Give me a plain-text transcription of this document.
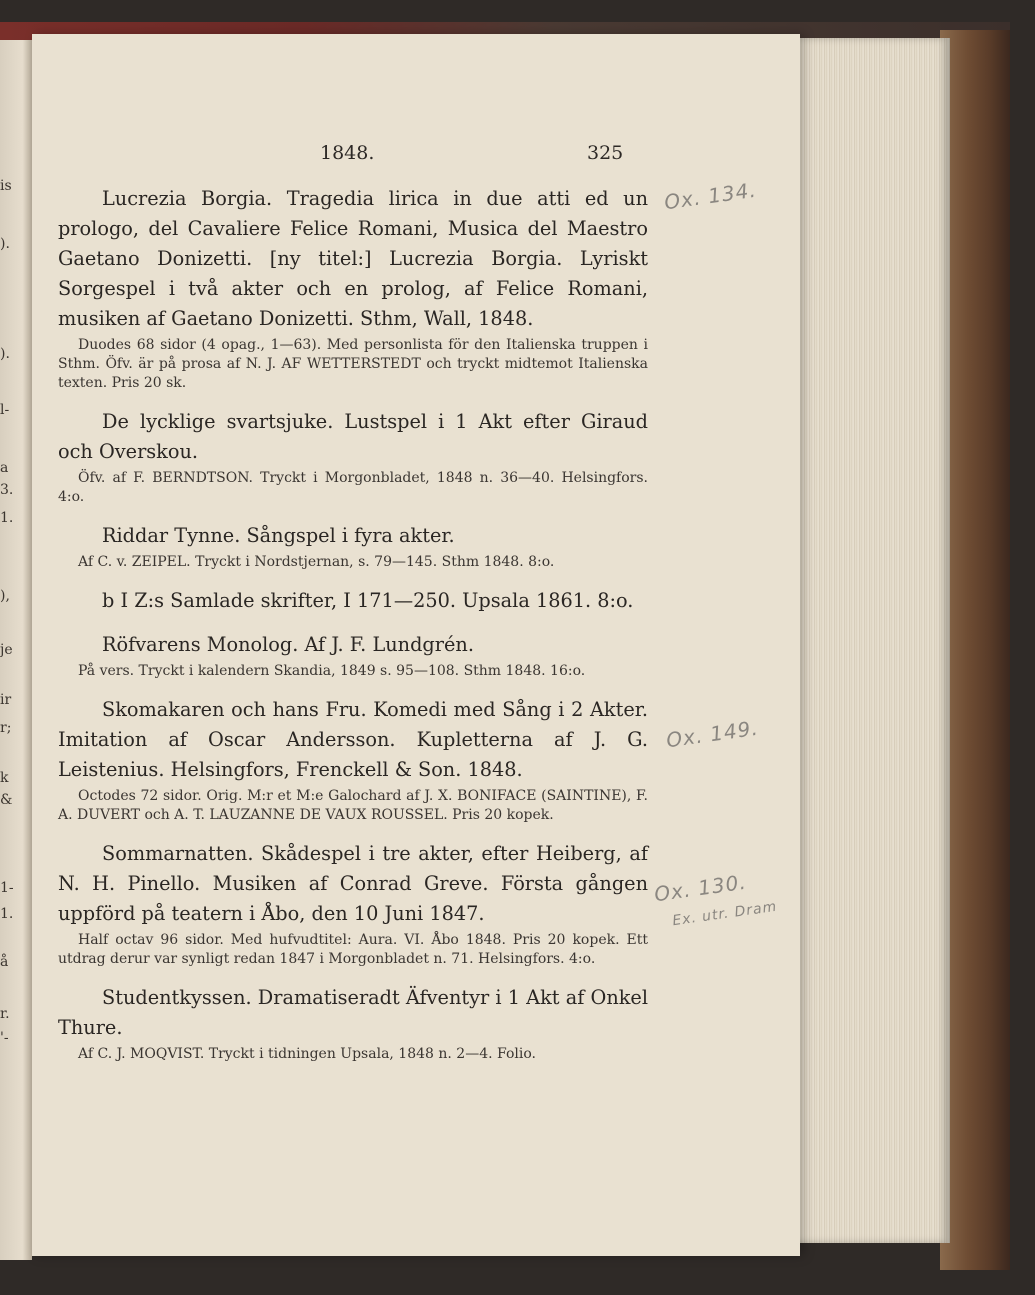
is
).
).
l-
a
3.
1.
),
je
ir
r;
k
&
1-
1.
å
r.
'-
1848.	325

Lucrezia Borgia. Tragedia lirica in due atti ed un prologo, del Cavaliere Felice Romani, Musica del Maestro Gaetano Donizetti. [ny titel:] Lucrezia Borgia. Lyriskt Sorgespel i två akter och en prolog, af Felice Romani, musiken af Gaetano Donizetti. Sthm, Wall, 1848.

Duodes 68 sidor (4 opag., 1—63). Med personlista för den Italienska truppen i Sthm. Öfv. är på prosa af N. J. AF WETTERSTEDT och tryckt midtemot Italienska texten. Pris 20 sk.

De lycklige svartsjuke. Lustspel i 1 Akt efter Giraud och Overskou.

Öfv. af F. BERNDTSON. Tryckt i Morgonbladet, 1848 n. 36—40. Helsingfors. 4:o.

Riddar Tynne. Sångspel i fyra akter.

Af C. v. ZEIPEL. Tryckt i Nordstjernan, s. 79—145. Sthm 1848. 8:o.

b I Z:s Samlade skrifter, I 171—250. Upsala 1861. 8:o.

Röfvarens Monolog. Af J. F. Lundgrén.

På vers. Tryckt i kalendern Skandia, 1849 s. 95—108. Sthm 1848. 16:o.

Skomakaren och hans Fru. Komedi med Sång i 2 Akter. Imitation af Oscar Andersson. Kupletterna af J. G. Leistenius. Helsingfors, Frenckell & Son. 1848.

Octodes 72 sidor. Orig. M:r et M:e Galochard af J. X. BONIFACE (SAINTINE), F. A. DUVERT och A. T. LAUZANNE DE VAUX ROUSSEL. Pris 20 kopek.

Sommarnatten. Skådespel i tre akter, efter Heiberg, af N. H. Pinello. Musiken af Conrad Greve. Första gången uppförd på teatern i Åbo, den 10 Juni 1847.

Half octav 96 sidor. Med hufvudtitel: Aura. VI. Åbo 1848. Pris 20 kopek. Ett utdrag derur var synligt redan 1847 i Morgonbladet n. 71. Helsingfors. 4:o.

Studentkyssen. Dramatiseradt Äfventyr i 1 Akt af Onkel Thure.

Af C. J. MOQVIST. Tryckt i tidningen Upsala, 1848 n. 2—4. Folio.

Ox. 134.
Ox. 149.
Ox. 130.
Ex. utr. Dram
